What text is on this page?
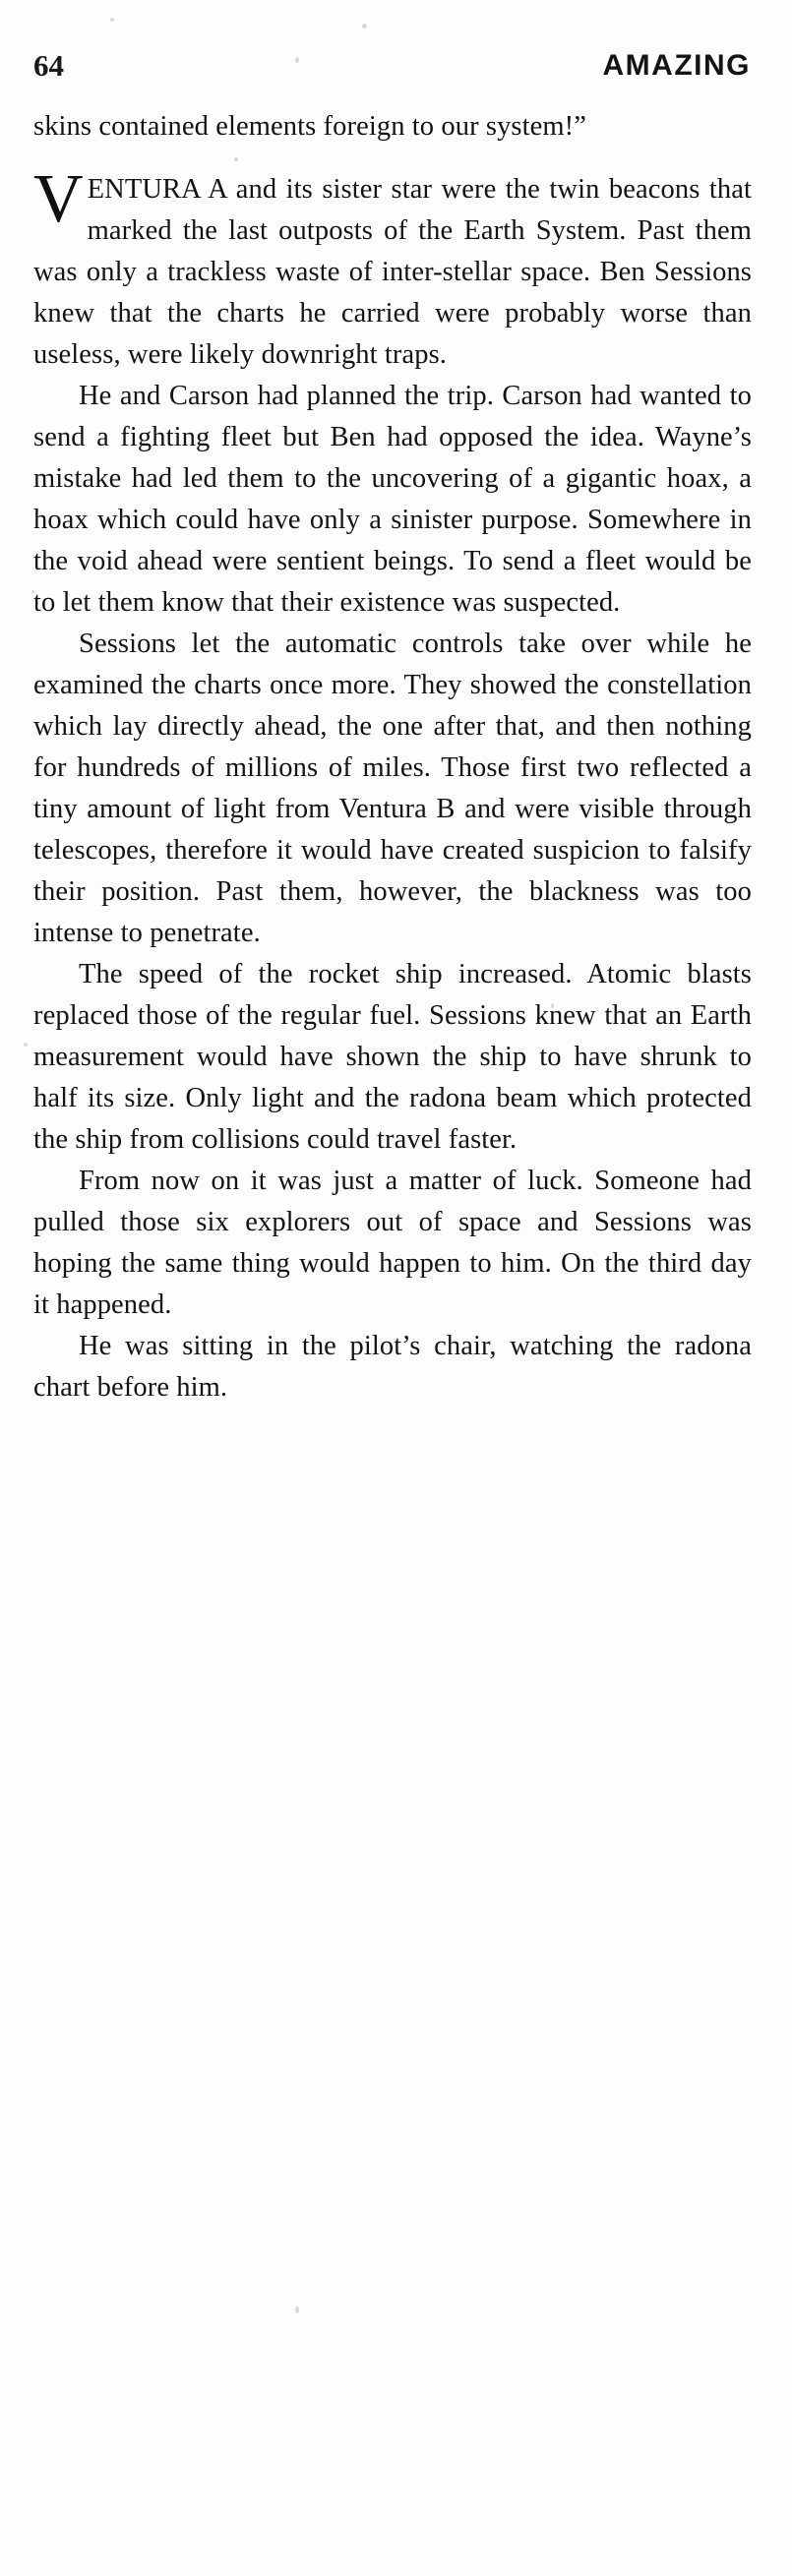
64	AMAZING

skins contained elements foreign to our system!”

VENTURA A and its sister star were the twin beacons that marked the last outposts of the Earth System. Past them was only a trackless waste of inter-stellar space. Ben Sessions knew that the charts he carried were probably worse than useless, were likely downright traps.

He and Carson had planned the trip. Carson had wanted to send a fighting fleet but Ben had opposed the idea. Wayne’s mistake had led them to the uncovering of a gigantic hoax, a hoax which could have only a sinister purpose. Somewhere in the void ahead were sentient beings. To send a fleet would be to let them know that their existence was suspected.

Sessions let the automatic controls take over while he examined the charts once more. They showed the constellation which lay directly ahead, the one after that, and then nothing for hundreds of millions of miles. Those first two reflected a tiny amount of light from Ventura B and were visible through telescopes, therefore it would have created suspicion to falsify their position. Past them, however, the blackness was too intense to penetrate.

The speed of the rocket ship increased. Atomic blasts replaced those of the regular fuel. Sessions knew that an Earth measurement would have shown the ship to have shrunk to half its size. Only light and the radona beam which protected the ship from collisions could travel faster.

From now on it was just a matter of luck. Someone had pulled those six explorers out of space and Sessions was hoping the same thing would happen to him. On the third day it happened.

He was sitting in the pilot’s chair, watching the radona chart before him.
